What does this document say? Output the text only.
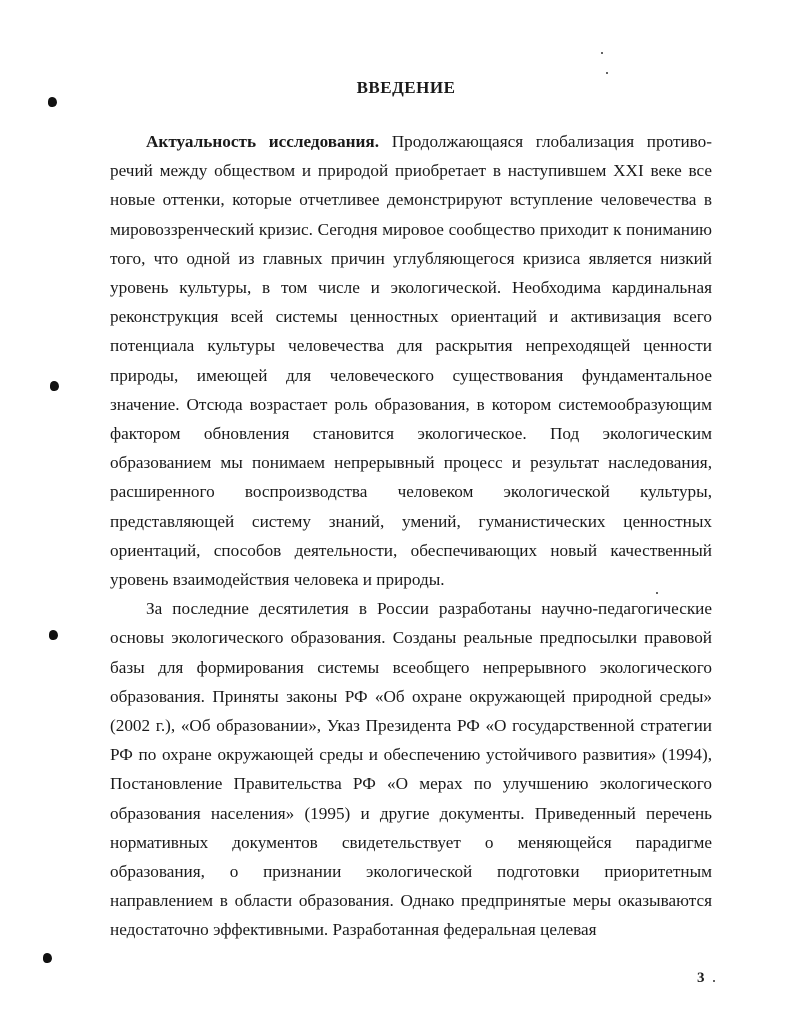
ВВЕДЕНИЕ

Актуальность исследования. Продолжающаяся глобализация противоречий между обществом и природой приобретает в наступившем XXI веке все новые оттенки, которые отчетливее демонстрируют вступление человечества в мировоззренческий кризис. Сегодня мировое сообщество приходит к пониманию того, что одной из главных причин углубляющегося кризиса является низкий уровень культуры, в том числе и экологической. Необходима кардинальная реконструкция всей системы ценностных ориентаций и активизация всего потенциала культуры человечества для раскрытия непреходящей ценности природы, имеющей для человеческого существования фундаментальное значение. Отсюда возрастает роль образования, в котором системообразующим фактором обновления становится экологическое. Под экологическим образованием мы понимаем непрерывный процесс и результат наследования, расширенного воспроизводства человеком экологической культуры, представляющей систему знаний, умений, гуманистических ценностных ориентаций, способов деятельности, обеспечивающих новый качественный уровень взаимодействия человека и природы.

За последние десятилетия в России разработаны научно-педагогические основы экологического образования. Созданы реальные предпосылки правовой базы для формирования системы всеобщего непрерывного экологического образования. Приняты законы РФ «Об охране окружающей природной среды» (2002 г.), «Об образовании», Указ Президента РФ «О государственной стратегии РФ по охране окружающей среды и обеспечению устойчивого развития» (1994), Постановление Правительства РФ «О мерах по улучшению экологического образования населения» (1995) и другие документы. Приведенный перечень нормативных документов свидетельствует о меняющейся парадигме образования, о признании экологической подготовки приоритетным направлением в области образования. Однако предпринятые меры оказываются недостаточно эффективными. Разработанная федеральная целевая

3
